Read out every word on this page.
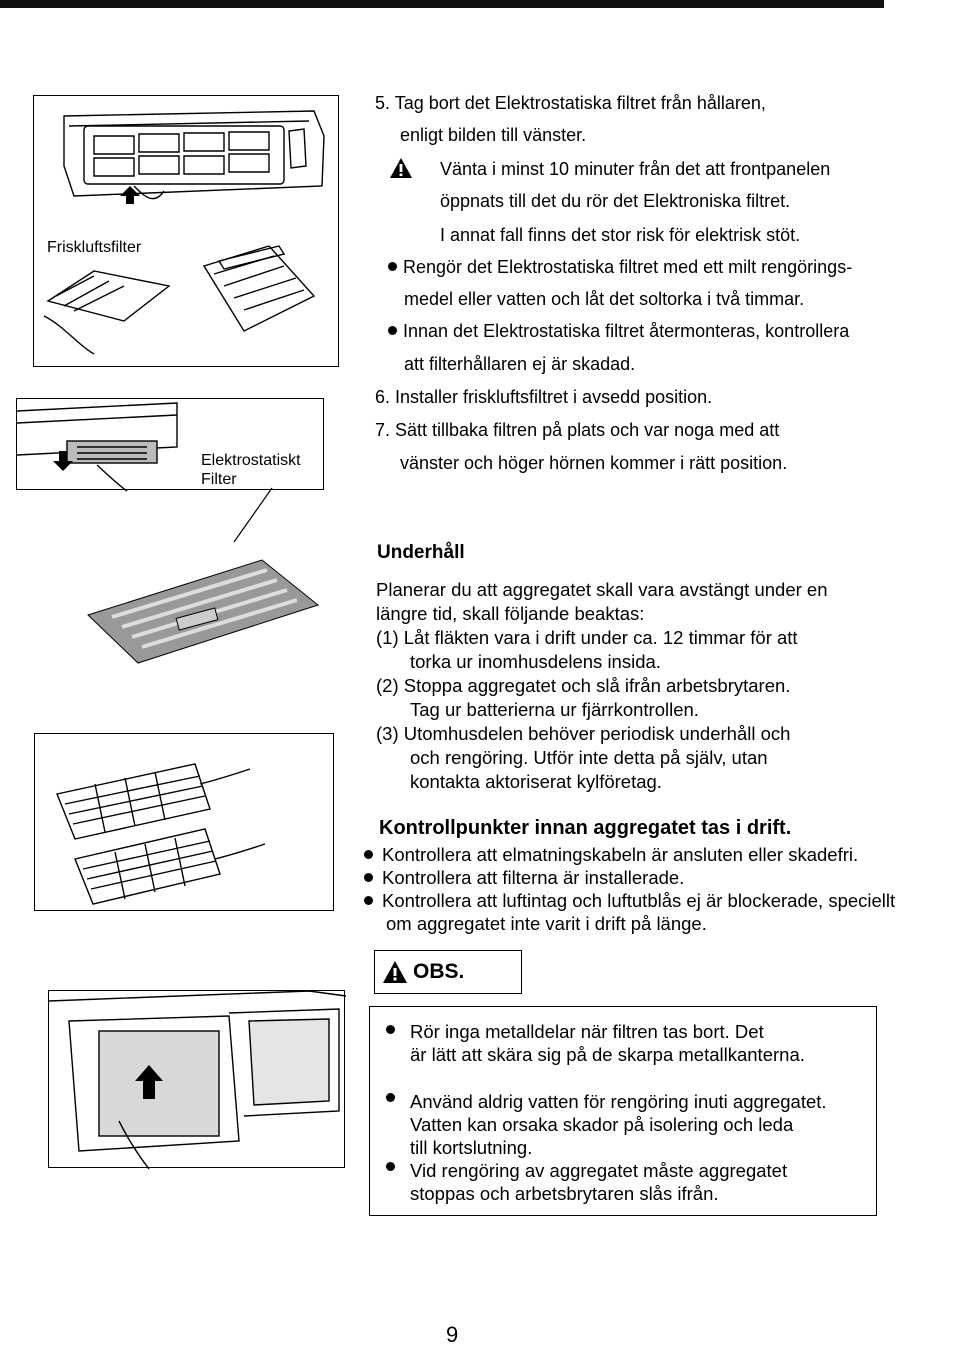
Friskluftsfilter
Elektrostatiskt
Filter
5. Tag bort det Elektrostatiska filtret från hållaren,
enligt bilden till vänster.
Vänta i minst 10 minuter från det att frontpanelen
öppnats till det du rör det Elektroniska filtret.
I annat fall finns det stor risk för elektrisk stöt.
Rengör det Elektrostatiska filtret med ett milt rengörings-
medel eller vatten och låt det soltorka i två timmar.
Innan det Elektrostatiska filtret återmonteras, kontrollera
att filterhållaren ej är skadad.
6. Installer friskluftsfiltret i avsedd position.
7. Sätt tillbaka filtren på plats och var noga med att
vänster och höger hörnen kommer i rätt position.
Underhåll
Planerar du att aggregatet skall vara avstängt under en
längre tid, skall följande beaktas:
(1) Låt fläkten vara i drift under ca. 12 timmar för att
torka ur inomhusdelens insida.
(2) Stoppa aggregatet och slå ifrån arbetsbrytaren.
Tag ur batterierna ur fjärrkontrollen.
(3) Utomhusdelen behöver periodisk underhåll och
och rengöring. Utför inte detta på själv, utan
kontakta aktoriserat kylföretag.
Kontrollpunkter innan aggregatet tas i drift.
Kontrollera att elmatningskabeln är ansluten eller skadefri.
Kontrollera att filterna är installerade.
Kontrollera att luftintag och luftutblås ej är blockerade, speciellt
om aggregatet inte varit i drift på länge.
OBS.
Rör inga metalldelar när filtren tas bort. Det
är lätt att skära sig på de skarpa metallkanterna.
Använd aldrig vatten för rengöring inuti aggregatet.
Vatten kan orsaka skador på isolering och leda
till kortslutning.
Vid rengöring av aggregatet måste aggregatet
stoppas och arbetsbrytaren slås ifrån.
9
